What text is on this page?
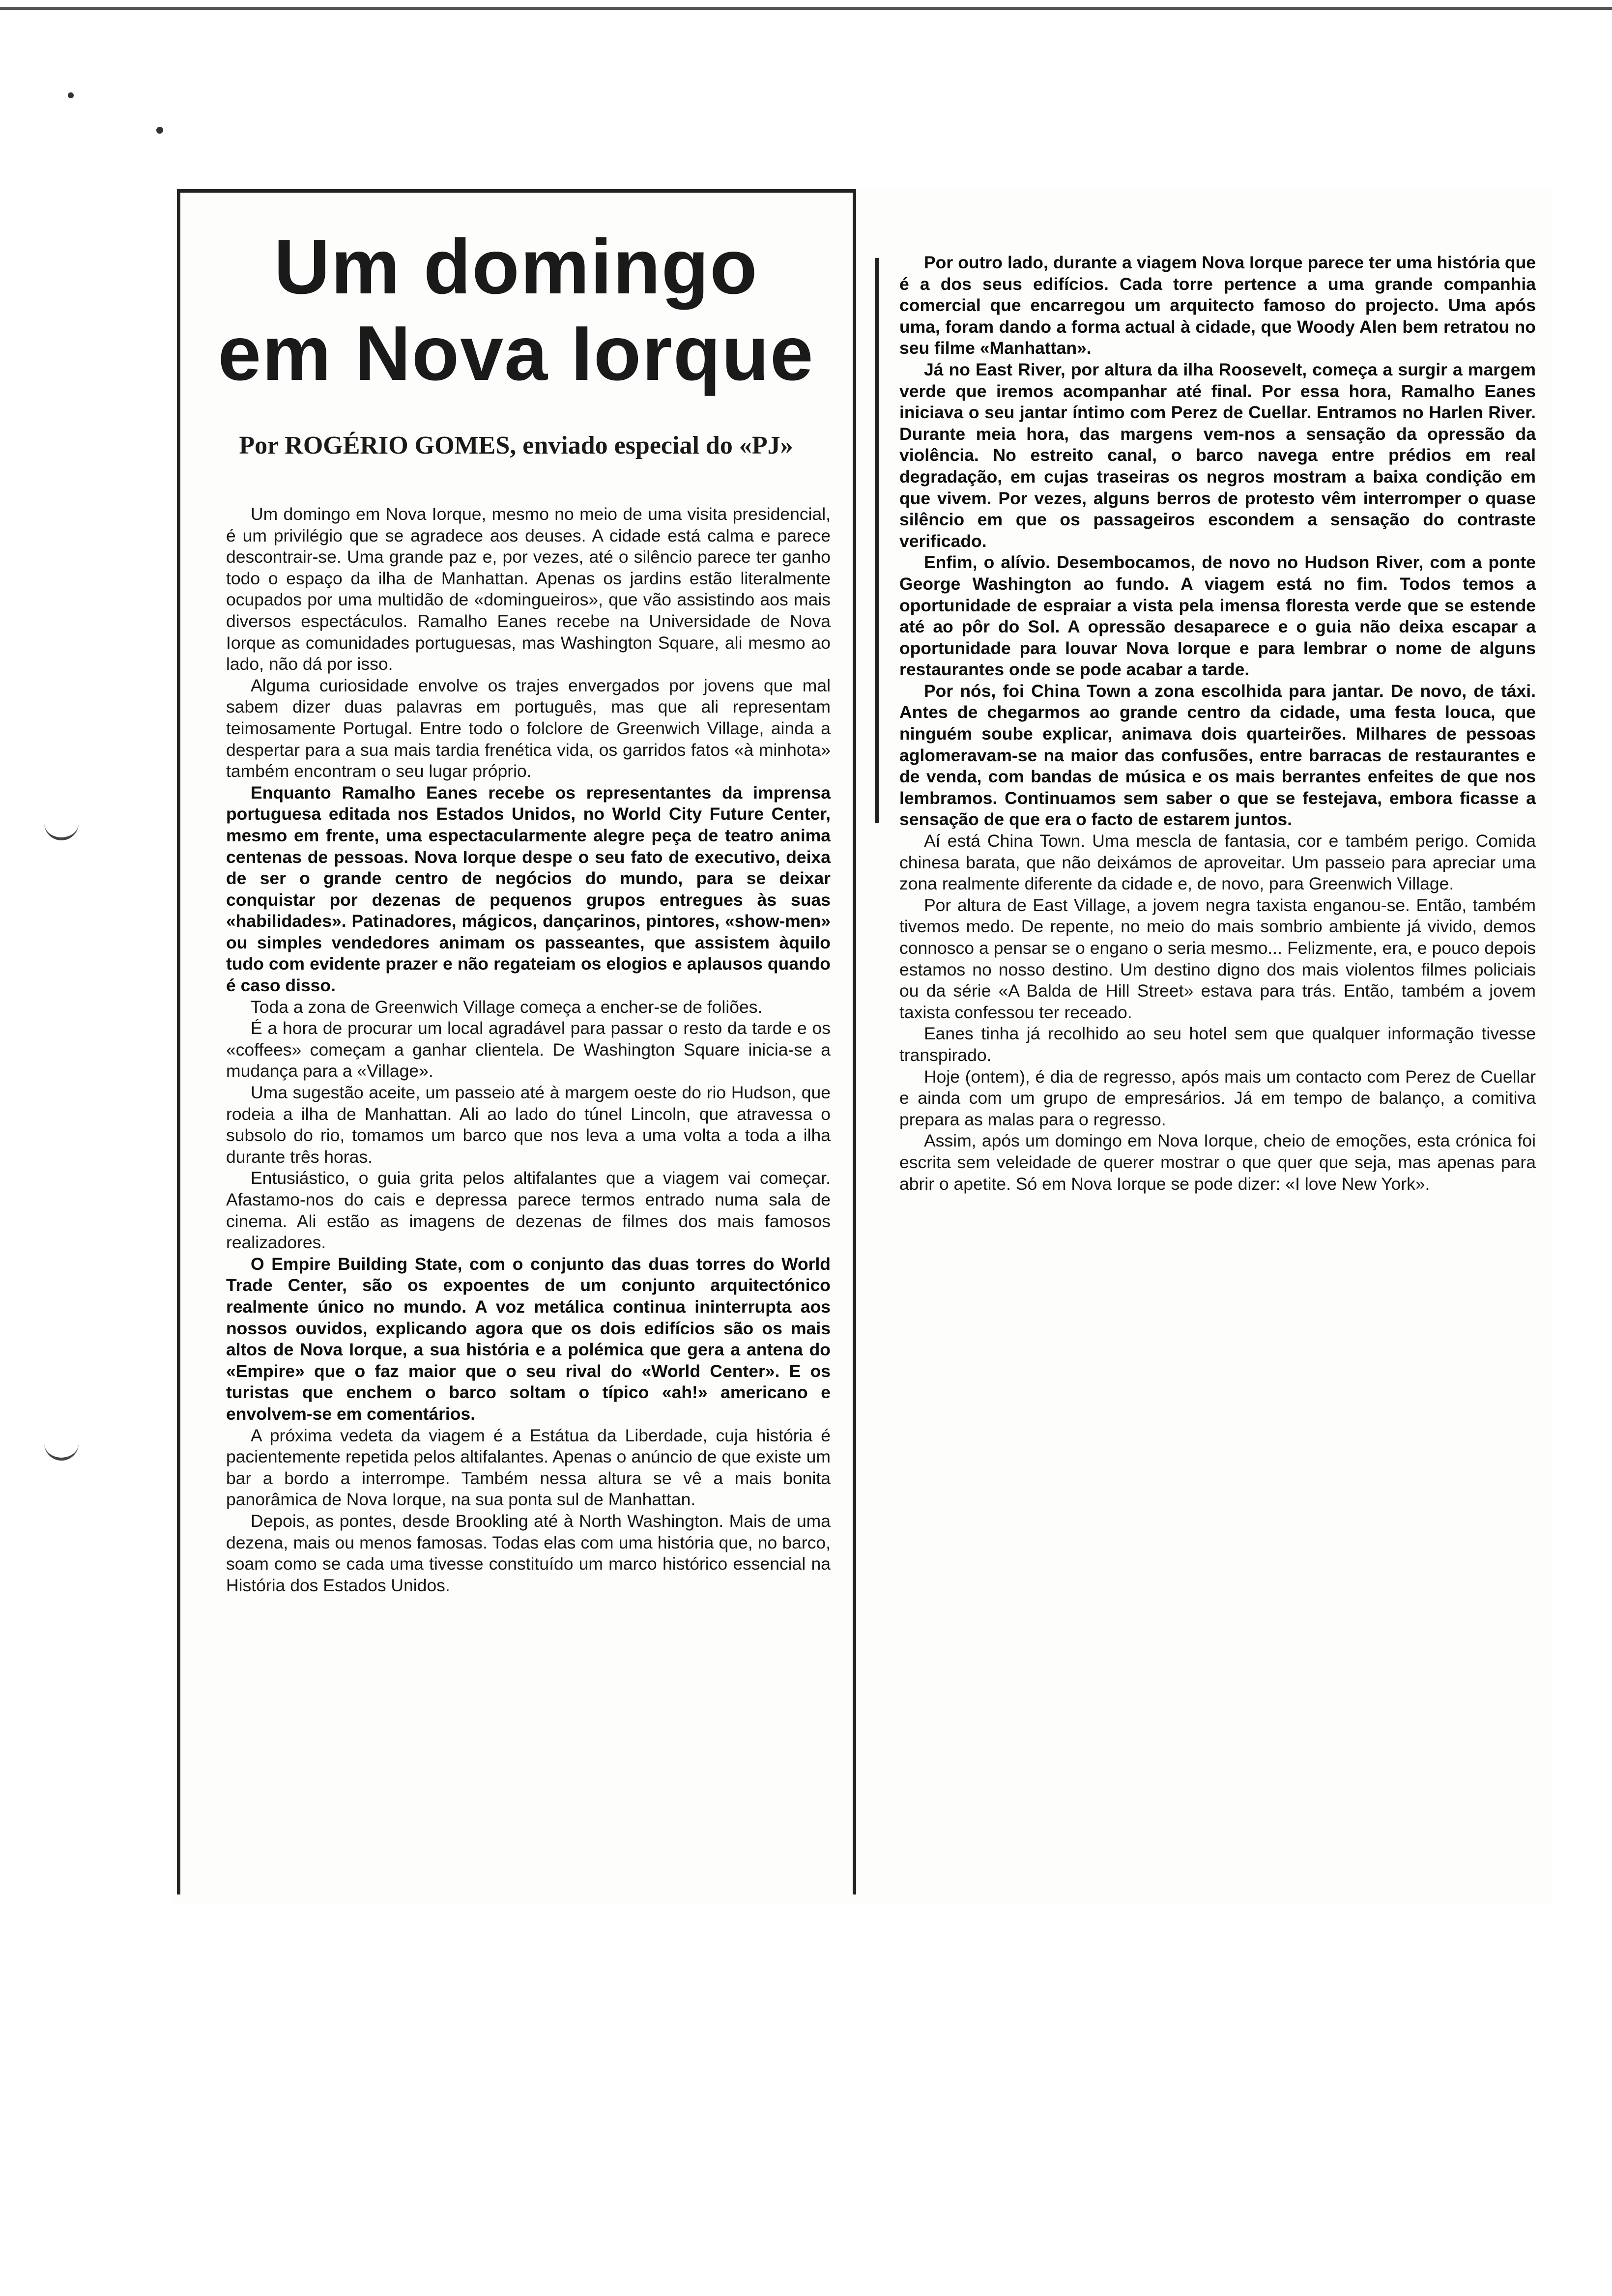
Um domingo
em Nova Iorque
Por ROGÉRIO GOMES, enviado especial do «PJ»

Um domingo em Nova Iorque, mesmo no meio de uma visita presidencial, é um privilégio que se agradece aos deuses. A cidade está calma e parece descontrair-se. Uma grande paz e, por vezes, até o silêncio parece ter ganho todo o espaço da ilha de Manhattan. Apenas os jardins estão literalmente ocupados por uma multidão de «domingueiros», que vão assistindo aos mais diversos espectáculos. Ramalho Eanes recebe na Universidade de Nova Iorque as comunidades portuguesas, mas Washington Square, ali mesmo ao lado, não dá por isso.

Alguma curiosidade envolve os trajes envergados por jovens que mal sabem dizer duas palavras em português, mas que ali representam teimosamente Portugal. Entre todo o folclore de Greenwich Village, ainda a despertar para a sua mais tardia frenética vida, os garridos fatos «à minhota» também encontram o seu lugar próprio.

Enquanto Ramalho Eanes recebe os representantes da imprensa portuguesa editada nos Estados Unidos, no World City Future Center, mesmo em frente, uma espectacularmente alegre peça de teatro anima centenas de pessoas. Nova Iorque despe o seu fato de executivo, deixa de ser o grande centro de negócios do mundo, para se deixar conquistar por dezenas de pequenos grupos entregues às suas «habilidades». Patinadores, mágicos, dançarinos, pintores, «show-men» ou simples vendedores animam os passeantes, que assistem àquilo tudo com evidente prazer e não regateiam os elogios e aplausos quando é caso disso.

Toda a zona de Greenwich Village começa a encher-se de foliões.

É a hora de procurar um local agradável para passar o resto da tarde e os «coffees» começam a ganhar clientela. De Washington Square inicia-se a mudança para a «Village».

Uma sugestão aceite, um passeio até à margem oeste do rio Hudson, que rodeia a ilha de Manhattan. Ali ao lado do túnel Lincoln, que atravessa o subsolo do rio, tomamos um barco que nos leva a uma volta a toda a ilha durante três horas.

Entusiástico, o guia grita pelos altifalantes que a viagem vai começar. Afastamo-nos do cais e depressa parece termos entrado numa sala de cinema. Ali estão as imagens de dezenas de filmes dos mais famosos realizadores.

O Empire Building State, com o conjunto das duas torres do World Trade Center, são os expoentes de um conjunto arquitectónico realmente único no mundo. A voz metálica continua ininterrupta aos nossos ouvidos, explicando agora que os dois edifícios são os mais altos de Nova Iorque, a sua história e a polémica que gera a antena do «Empire» que o faz maior que o seu rival do «World Center». E os turistas que enchem o barco soltam o típico «ah!» americano e envolvem-se em comentários.

A próxima vedeta da viagem é a Estátua da Liberdade, cuja história é pacientemente repetida pelos altifalantes. Apenas o anúncio de que existe um bar a bordo a interrompe. Também nessa altura se vê a mais bonita panorâmica de Nova Iorque, na sua ponta sul de Manhattan.

Depois, as pontes, desde Brookling até à North Washington. Mais de uma dezena, mais ou menos famosas. Todas elas com uma história que, no barco, soam como se cada uma tivesse constituído um marco histórico essencial na História dos Estados Unidos.

Por outro lado, durante a viagem Nova Iorque parece ter uma história que é a dos seus edifícios. Cada torre pertence a uma grande companhia comercial que encarregou um arquitecto famoso do projecto. Uma após uma, foram dando a forma actual à cidade, que Woody Alen bem retratou no seu filme «Manhattan».

Já no East River, por altura da ilha Roosevelt, começa a surgir a margem verde que iremos acompanhar até final. Por essa hora, Ramalho Eanes iniciava o seu jantar íntimo com Perez de Cuellar. Entramos no Harlen River. Durante meia hora, das margens vem-nos a sensação da opressão da violência. No estreito canal, o barco navega entre prédios em real degradação, em cujas traseiras os negros mostram a baixa condição em que vivem. Por vezes, alguns berros de protesto vêm interromper o quase silêncio em que os passageiros escondem a sensação do contraste verificado.

Enfim, o alívio. Desembocamos, de novo no Hudson River, com a ponte George Washington ao fundo. A viagem está no fim. Todos temos a oportunidade de espraiar a vista pela imensa floresta verde que se estende até ao pôr do Sol. A opressão desaparece e o guia não deixa escapar a oportunidade para louvar Nova Iorque e para lembrar o nome de alguns restaurantes onde se pode acabar a tarde.

Por nós, foi China Town a zona escolhida para jantar. De novo, de táxi. Antes de chegarmos ao grande centro da cidade, uma festa louca, que ninguém soube explicar, animava dois quarteirões. Milhares de pessoas aglomeravam-se na maior das confusões, entre barracas de restaurantes e de venda, com bandas de música e os mais berrantes enfeites de que nos lembramos. Continuamos sem saber o que se festejava, embora ficasse a sensação de que era o facto de estarem juntos.

Aí está China Town. Uma mescla de fantasia, cor e também perigo. Comida chinesa barata, que não deixámos de aproveitar. Um passeio para apreciar uma zona realmente diferente da cidade e, de novo, para Greenwich Village.

Por altura de East Village, a jovem negra taxista enganou-se. Então, também tivemos medo. De repente, no meio do mais sombrio ambiente já vivido, demos connosco a pensar se o engano o seria mesmo... Felizmente, era, e pouco depois estamos no nosso destino. Um destino digno dos mais violentos filmes policiais ou da série «A Balda de Hill Street» estava para trás. Então, também a jovem taxista confessou ter receado.

Eanes tinha já recolhido ao seu hotel sem que qualquer informação tivesse transpirado.

Hoje (ontem), é dia de regresso, após mais um contacto com Perez de Cuellar e ainda com um grupo de empresários. Já em tempo de balanço, a comitiva prepara as malas para o regresso.

Assim, após um domingo em Nova Iorque, cheio de emoções, esta crónica foi escrita sem veleidade de querer mostrar o que quer que seja, mas apenas para abrir o apetite. Só em Nova Iorque se pode dizer: «I love New York».
